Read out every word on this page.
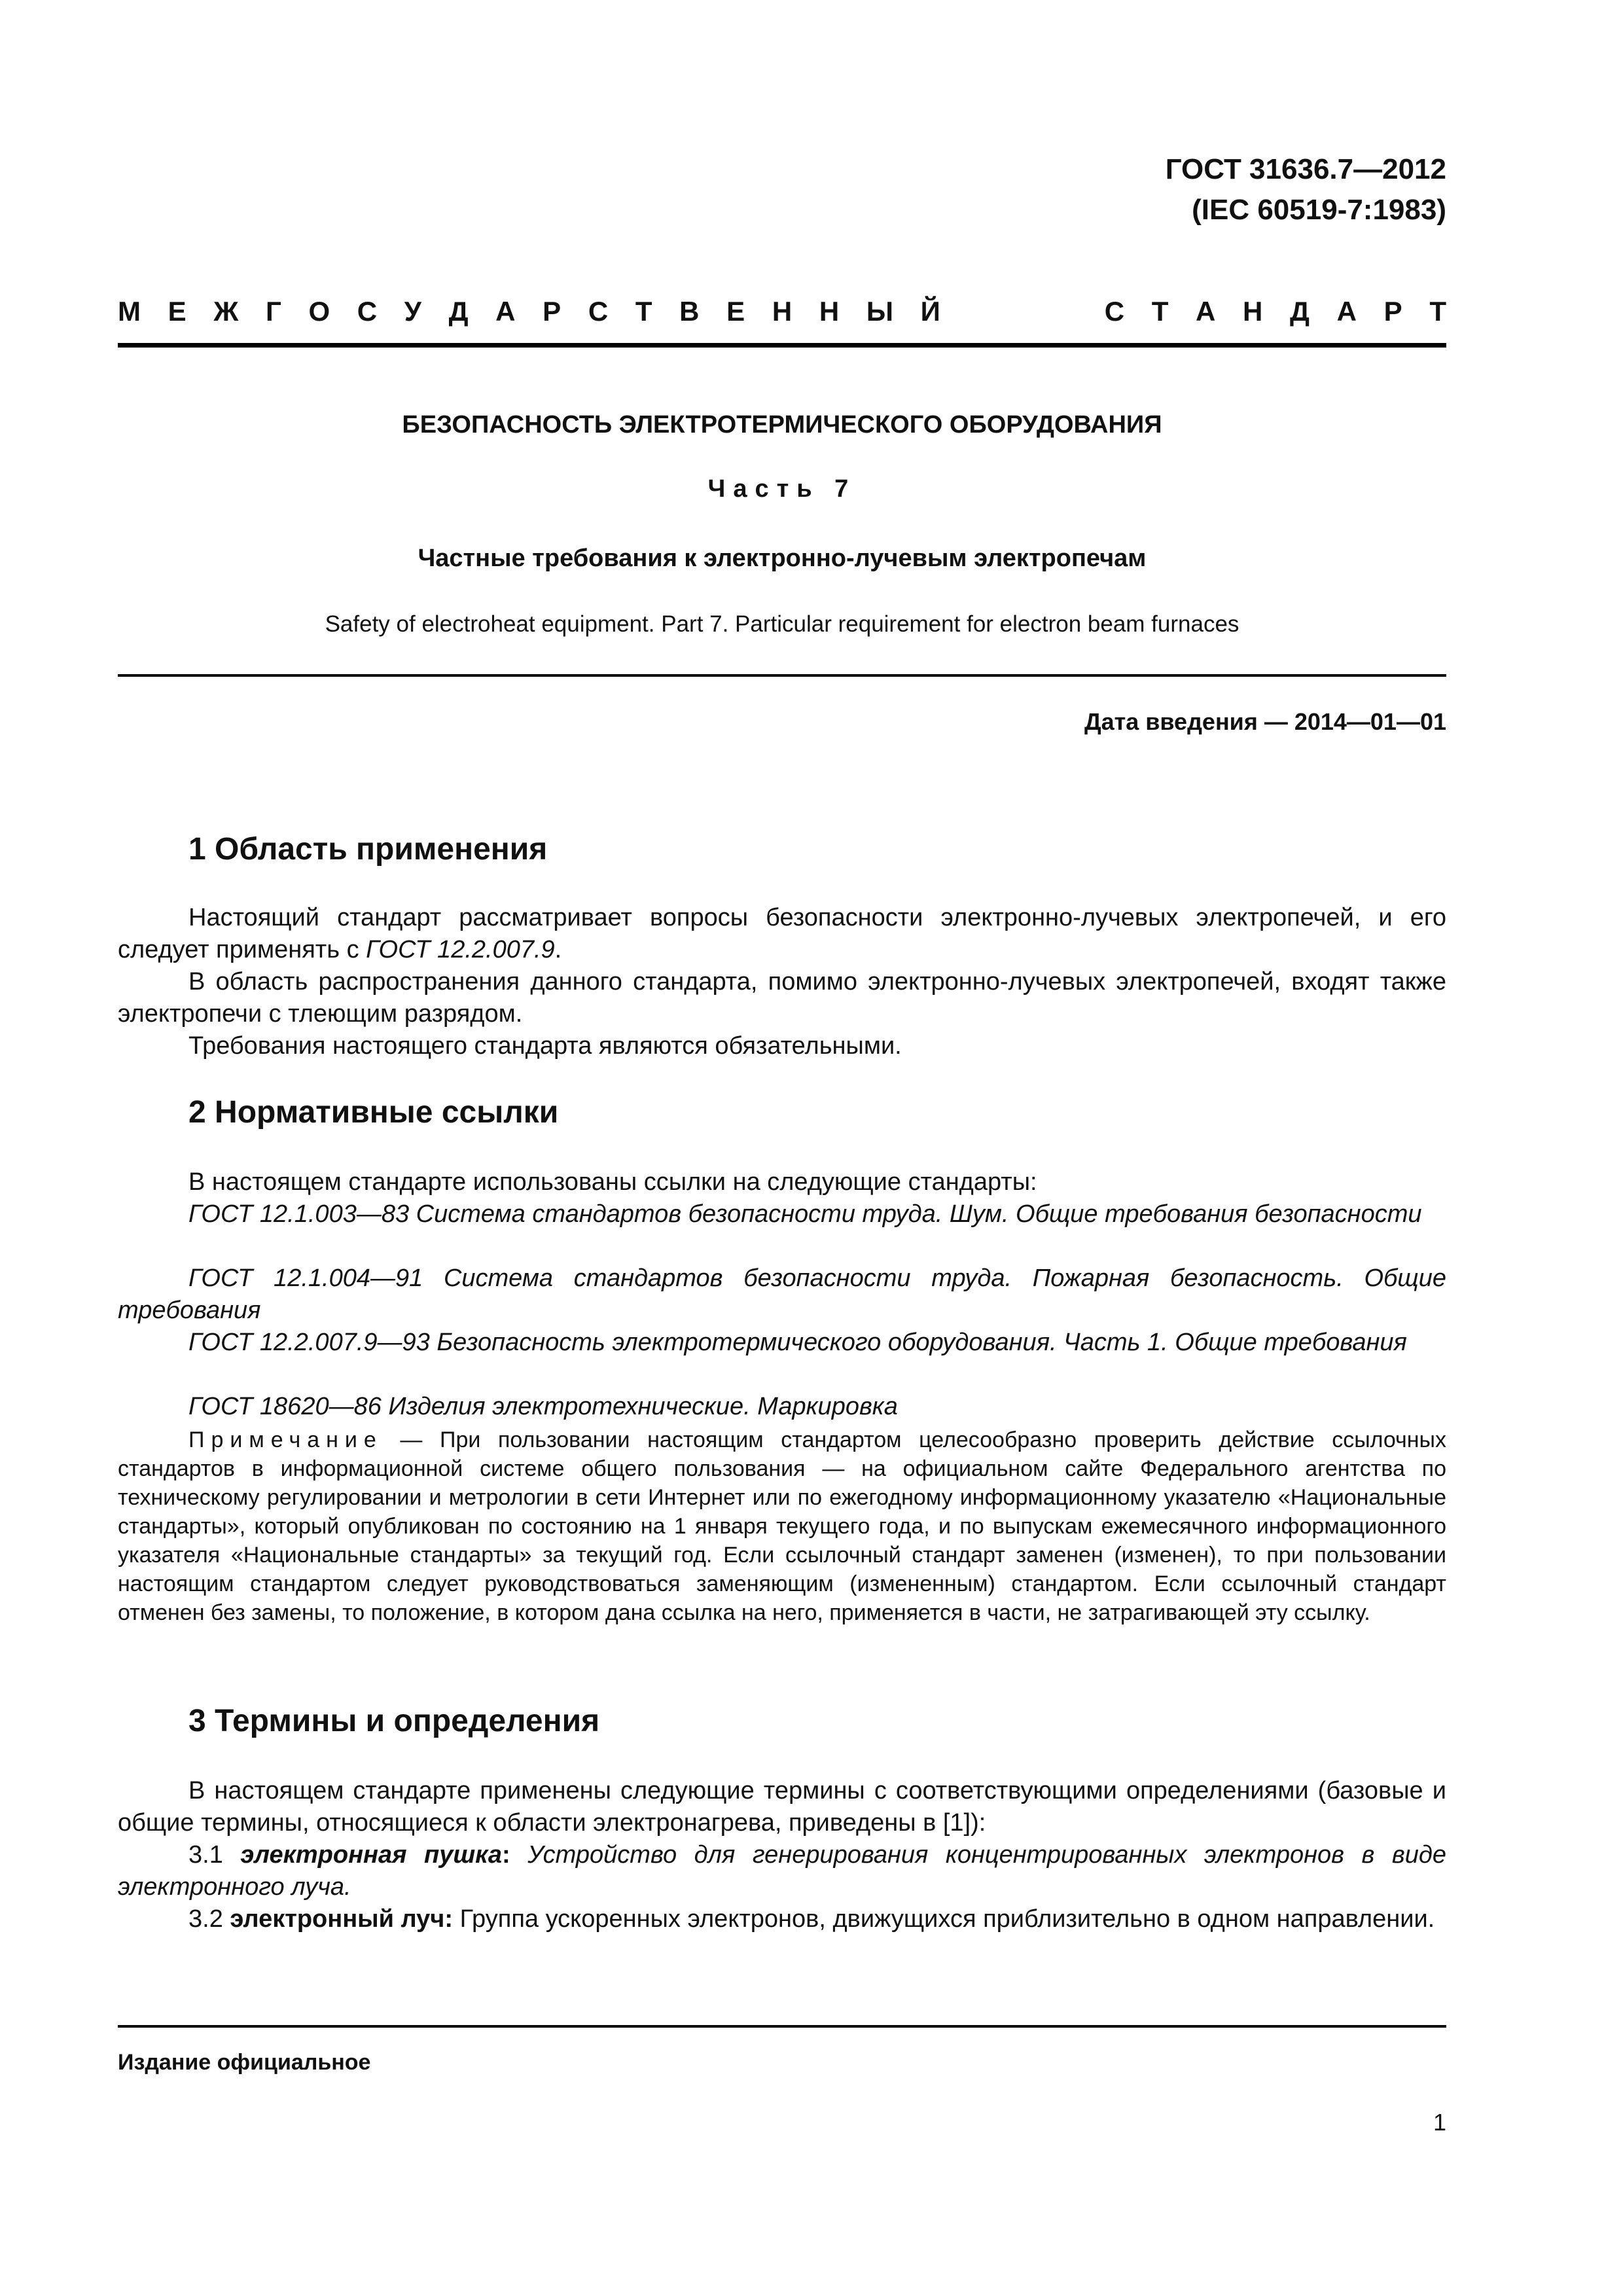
ГОСТ 31636.7—2012
(IEC 60519-7:1983)
М Е Ж Г О С У Д А Р С Т В Е Н Н Ы Й	С Т А Н Д А Р Т
БЕЗОПАСНОСТЬ ЭЛЕКТРОТЕРМИЧЕСКОГО ОБОРУДОВАНИЯ
Часть 7
Частные требования к электронно-лучевым электропечам
Safety of electroheat equipment. Part 7. Particular requirement for electron beam furnaces
Дата введения — 2014—01—01
1 Область применения

Настоящий стандарт рассматривает вопросы безопасности электронно-лучевых электропечей, и его следует применять с ГОСТ 12.2.007.9.

В область распространения данного стандарта, помимо электронно-лучевых электропечей, входят также электропечи с тлеющим разрядом.

Требования настоящего стандарта являются обязательными.

2 Нормативные ссылки

В настоящем стандарте использованы ссылки на следующие стандарты:

ГОСТ 12.1.003—83 Система стандартов безопасности труда. Шум. Общие требования безопасности

ГОСТ 12.1.004—91 Система стандартов безопасности труда. Пожарная безопасность. Общие требования

ГОСТ 12.2.007.9—93 Безопасность электротермического оборудования. Часть 1. Общие требования

ГОСТ 18620—86 Изделия электротехнические. Маркировка

Примечание — При пользовании настоящим стандартом целесообразно проверить действие ссылочных стандартов в информационной системе общего пользования — на официальном сайте Федерального агентства по техническому регулировании и метрологии в сети Интернет или по ежегодному информационному указателю «Национальные стандарты», который опубликован по состоянию на 1 января текущего года, и по выпускам ежемесячного информационного указателя «Национальные стандарты» за текущий год. Если ссылочный стандарт заменен (изменен), то при пользовании настоящим стандартом следует руководствоваться заменяющим (измененным) стандартом. Если ссылочный стандарт отменен без замены, то положение, в котором дана ссылка на него, применяется в части, не затрагивающей эту ссылку.

3 Термины и определения

В настоящем стандарте применены следующие термины с соответствующими определениями (базовые и общие термины, относящиеся к области электронагрева, приведены в [1]):

3.1 электронная пушка: Устройство для генерирования концентрированных электронов в виде электронного луча.

3.2 электронный луч: Группа ускоренных электронов, движущихся приблизительно в одном направлении.

Издание официальное
1
